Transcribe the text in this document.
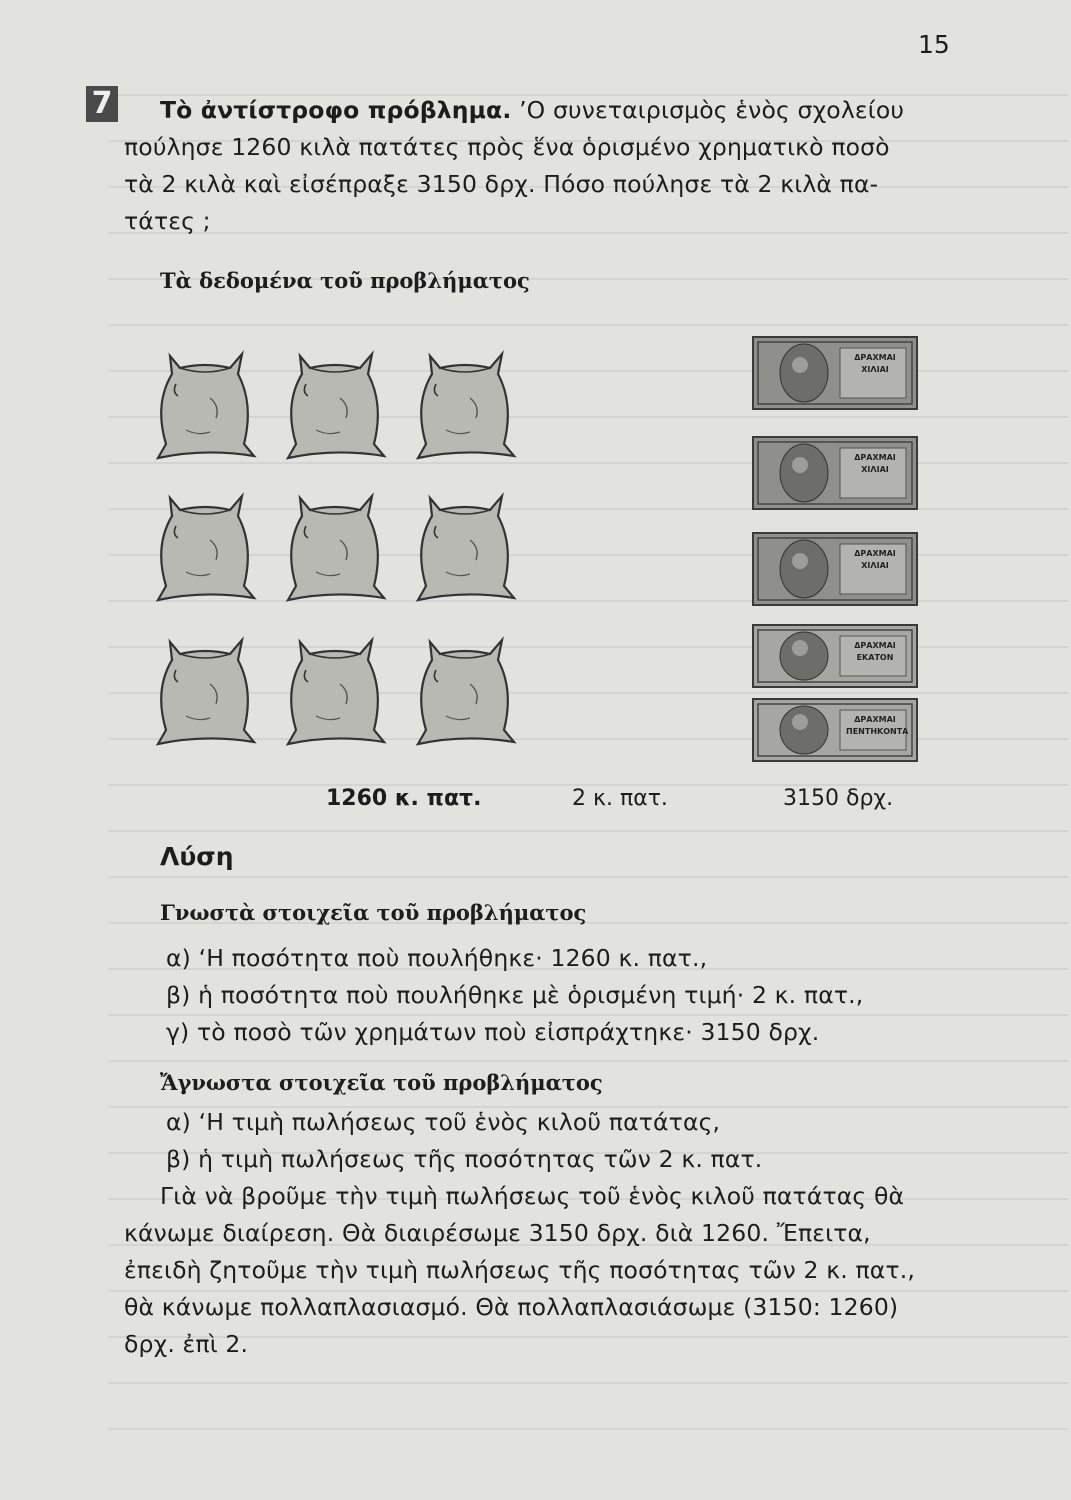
15
7 Τὸ ἀντίστροφο πρόβλημα. ’Ο συνεταιρισμὸς ἑνὸς σχολείου
πούλησε 1260 κιλὰ πατάτες πρὸς ἕνα ὁρισμένο χρηματικὸ ποσὸ
τὰ 2 κιλὰ καὶ εἰσέπραξε 3150 δρχ. Πόσο πούλησε τὰ 2 κιλὰ πα-
τάτες ;
Τὰ δεδομένα τοῦ προβλήματος
ΔΡΑΧΜΑΙ ΧΙΛΙΑΙ
ΔΡΑΧΜΑΙ ΧΙΛΙΑΙ
ΔΡΑΧΜΑΙ ΧΙΛΙΑΙ
ΔΡΑΧΜΑΙ ΕΚΑΤΟΝ
ΔΡΑΧΜΑΙ ΠΕΝΤΗΚΟΝΤΑ
1260 κ. πατ.	2 κ. πατ.	3150 δρχ.
Λύση
Γνωστὰ στοιχεῖα τοῦ προβλήματος
α) ‘Η ποσότητα ποὺ πουλήθηκε· 1260 κ. πατ.,
β) ἡ ποσότητα ποὺ πουλήθηκε μὲ ὁρισμένη τιμή· 2 κ. πατ.,
γ) τὸ ποσὸ τῶν χρημάτων ποὺ εἰσπράχτηκε· 3150 δρχ.
Ἄγνωστα στοιχεῖα τοῦ προβλήματος
α) ‘Η τιμὴ πωλήσεως τοῦ ἑνὸς κιλοῦ πατάτας,
β) ἡ τιμὴ πωλήσεως τῆς ποσότητας τῶν 2 κ. πατ.
Γιὰ νὰ βροῦμε τὴν τιμὴ πωλήσεως τοῦ ἑνὸς κιλοῦ πατάτας θὰ
κάνωμε διαίρεση. Θὰ διαιρέσωμε 3150 δρχ. διὰ 1260. Ἔπειτα,
ἐπειδὴ ζητοῦμε τὴν τιμὴ πωλήσεως τῆς ποσότητας τῶν 2 κ. πατ.,
θὰ κάνωμε πολλαπλασιασμό. Θὰ πολλαπλασιάσωμε (3150: 1260)
δρχ. ἐπὶ 2.
